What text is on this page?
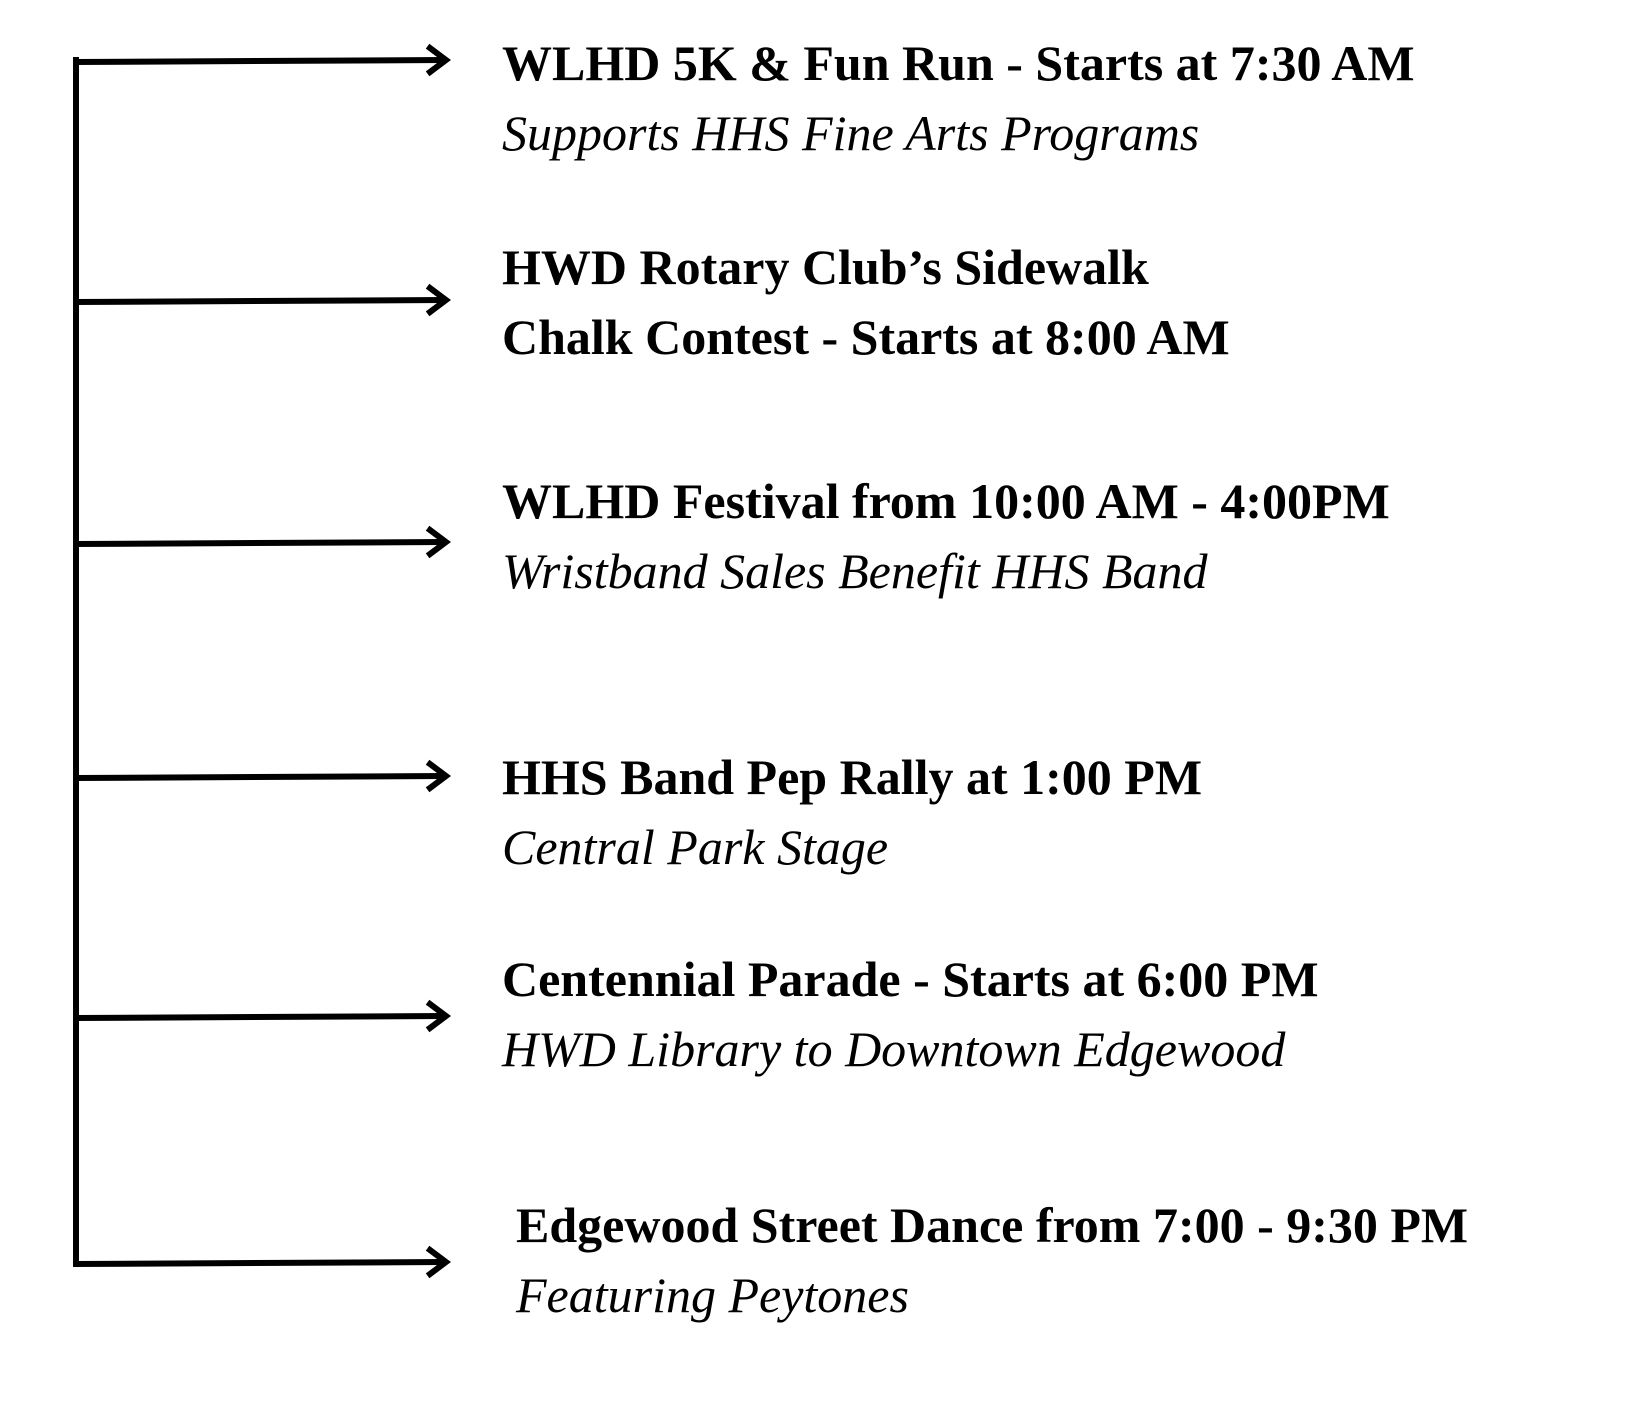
WLHD 5K & Fun Run - Starts at 7:30 AM
Supports HHS Fine Arts Programs
HWD Rotary Club’s Sidewalk
Chalk Contest - Starts at 8:00 AM
WLHD Festival from 10:00 AM - 4:00PM
Wristband Sales Benefit HHS Band
HHS Band Pep Rally at 1:00 PM
Central Park Stage
Centennial Parade - Starts at 6:00 PM
HWD Library to Downtown Edgewood
Edgewood Street Dance from 7:00 - 9:30 PM
Featuring Peytones
